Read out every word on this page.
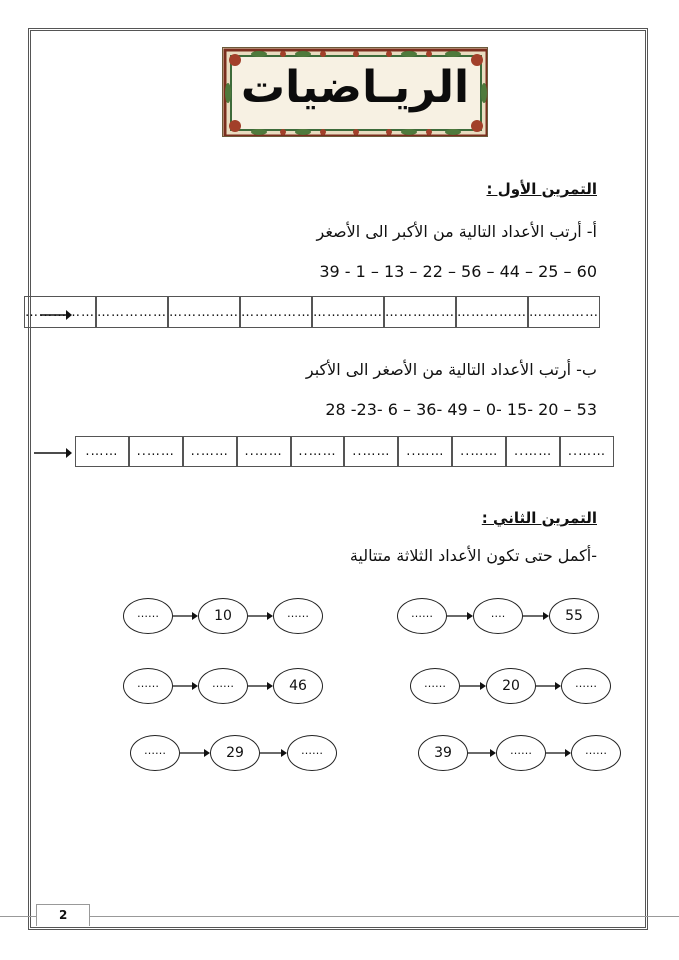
الريـاضيات
التمرين الأول :
أ- أرتب الأعداد التالية من الأكبر الى الأصغر
39 - 1 – 13 – 22 – 56 – 44 – 25 – 60
……………
……………
……………
……………
……………
……………
……………
……………
ب- أرتب الأعداد التالية من الأصغر الى الأكبر
28 -23- 6 – 36- 49 – 0- 15- 20 – 53
……..
……..
……..
……..
……..
……..
……..
……..
……..
…….
التمرين الثاني :
-أكمل حتى تكون الأعداد الثلاثة متتالية
……	10	……	……	….	55
……	……	46	……	20	……
……	29	……	39	……	……
2
